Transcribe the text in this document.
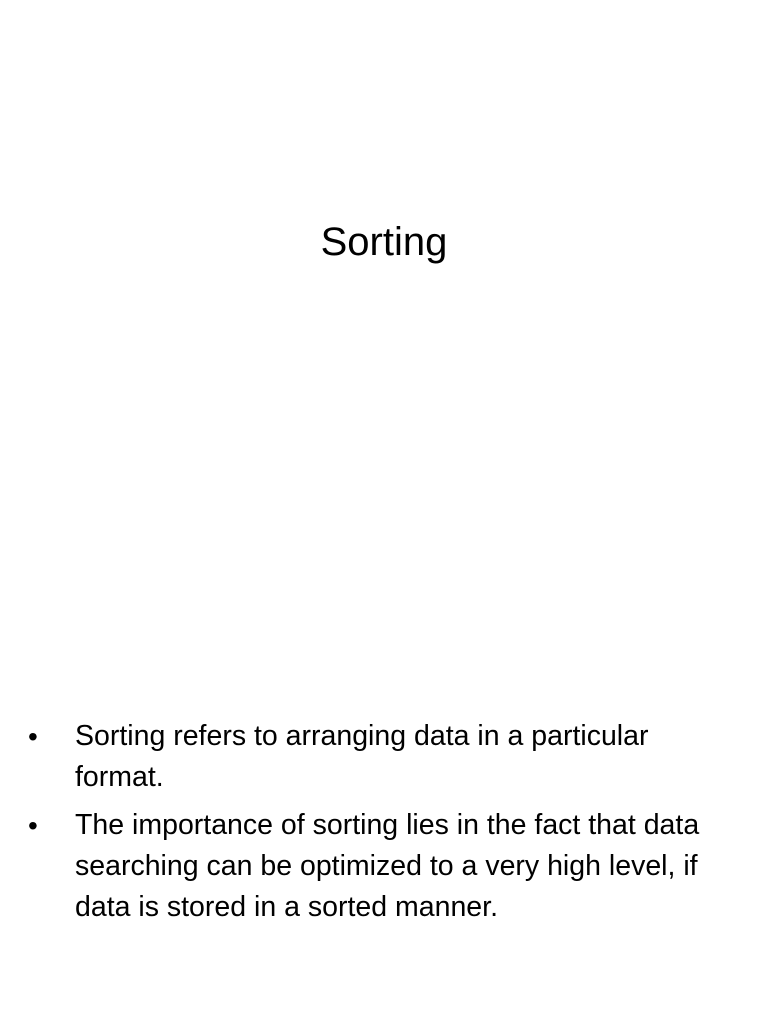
Sorting
•	Sorting refers to arranging data in a particular format.
•	The importance of sorting lies in the fact that data searching can be optimized to a very high level, if data is stored in a sorted manner.
